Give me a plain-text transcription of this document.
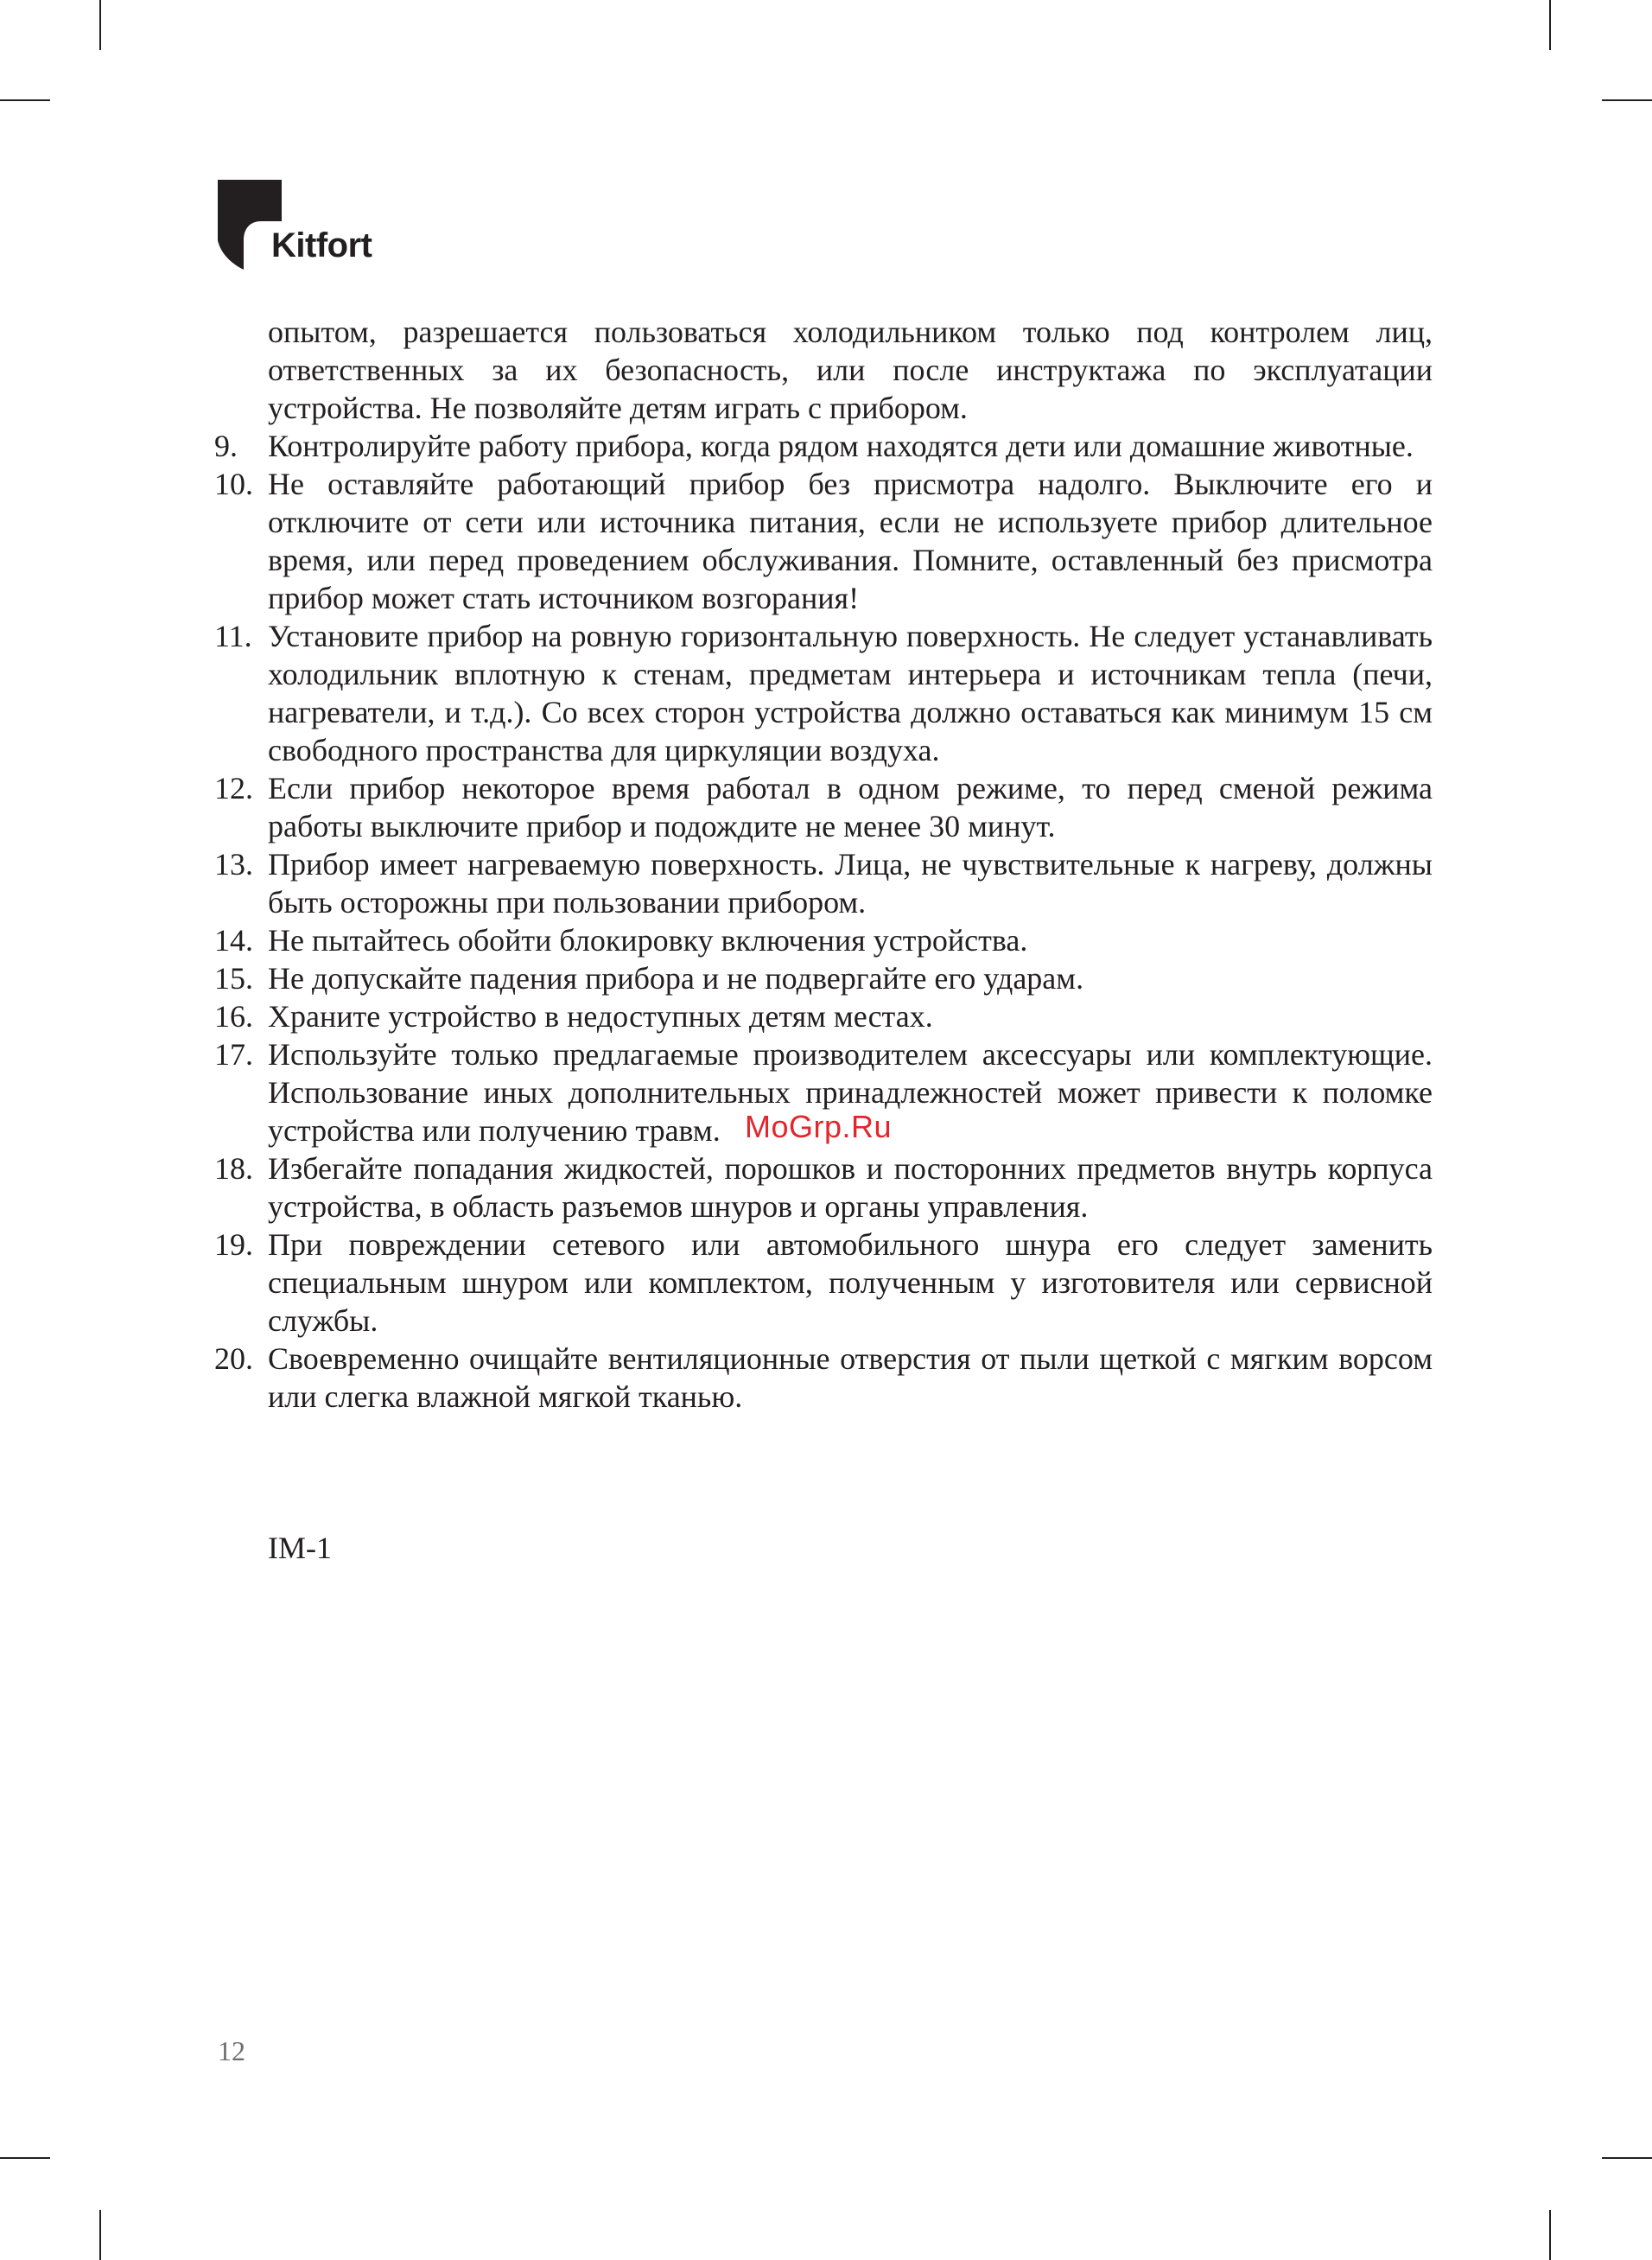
Kitfort
опытом, разрешается пользоваться холодильником только под контролем лиц, ответственных за их безопасность, или после инструктажа по эксплуатации устройства. Не позволяйте детям играть с прибором.
9. Контролируйте работу прибора, когда рядом находятся дети или домашние животные.
10. Не оставляйте работающий прибор без присмотра надолго. Выключите его и отключите от сети или источника питания, если не используете прибор длительное время, или перед проведением обслуживания. Помните, оставленный без присмотра прибор может стать источником возгорания!
11. Установите прибор на ровную горизонтальную поверхность. Не следует устанавливать холодильник вплотную к стенам, предметам интерьера и источникам тепла (печи, нагреватели, и т.д.). Со всех сторон устройства должно оставаться как минимум 15 см свободного пространства для циркуляции воздуха.
12. Если прибор некоторое время работал в одном режиме, то перед сменой режима работы выключите прибор и подождите не менее 30 минут.
13. Прибор имеет нагреваемую поверхность. Лица, не чувствительные к нагреву, должны быть осторожны при пользовании прибором.
14. Не пытайтесь обойти блокировку включения устройства.
15. Не допускайте падения прибора и не подвергайте его ударам.
16. Храните устройство в недоступных детям местах.
17. Используйте только предлагаемые производителем аксессуары или комплектующие. Использование иных дополнительных принадлежностей может привести к поломке устройства или получению травм.
18. Избегайте попадания жидкостей, порошков и посторонних предметов внутрь корпуса устройства, в область разъемов шнуров и органы управления.
19. При повреждении сетевого или автомобильного шнура его следует заменить специальным шнуром или комплектом, полученным у изготовителя или сервисной службы.
20. Своевременно очищайте вентиляционные отверстия от пыли щеткой с мягким ворсом или слегка влажной мягкой тканью.
MoGrp.Ru
IM-1
12
